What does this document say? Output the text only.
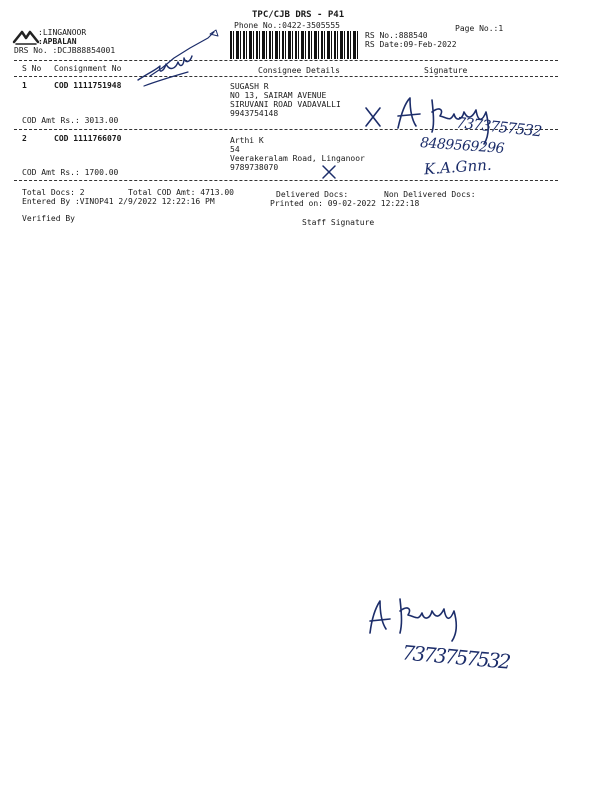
:LINGANOOR
:APBALAN
DRS No. :DCJB88854001
TPC/CJB DRS - P41
Phone No.:0422-3505555	Page No.:1
RS No.:888540
RS Date:09-Feb-2022
S No Consignment No	Consignee Details	Signature
1	COD 1111751948	SUGASH R
NO 13, SAIRAM AVENUE
SIRUVANI ROAD VADAVALLI
9943754148
COD Amt Rs.: 3013.00
2	COD 1111766070	Arthi K
54
Veerakeralam Road, Linganoor
9789738070
COD Amt Rs.: 1700.00
Total Docs: 2	Total COD Amt: 4713.00	Delivered Docs:	Non Delivered Docs:
Entered By :VINOP41 2/9/2022 12:22:16 PM	Printed on: 09-02-2022 12:22:18
Verified By	Staff Signature
7373757532
8489569296
K.A.Gnn.
7373757532
